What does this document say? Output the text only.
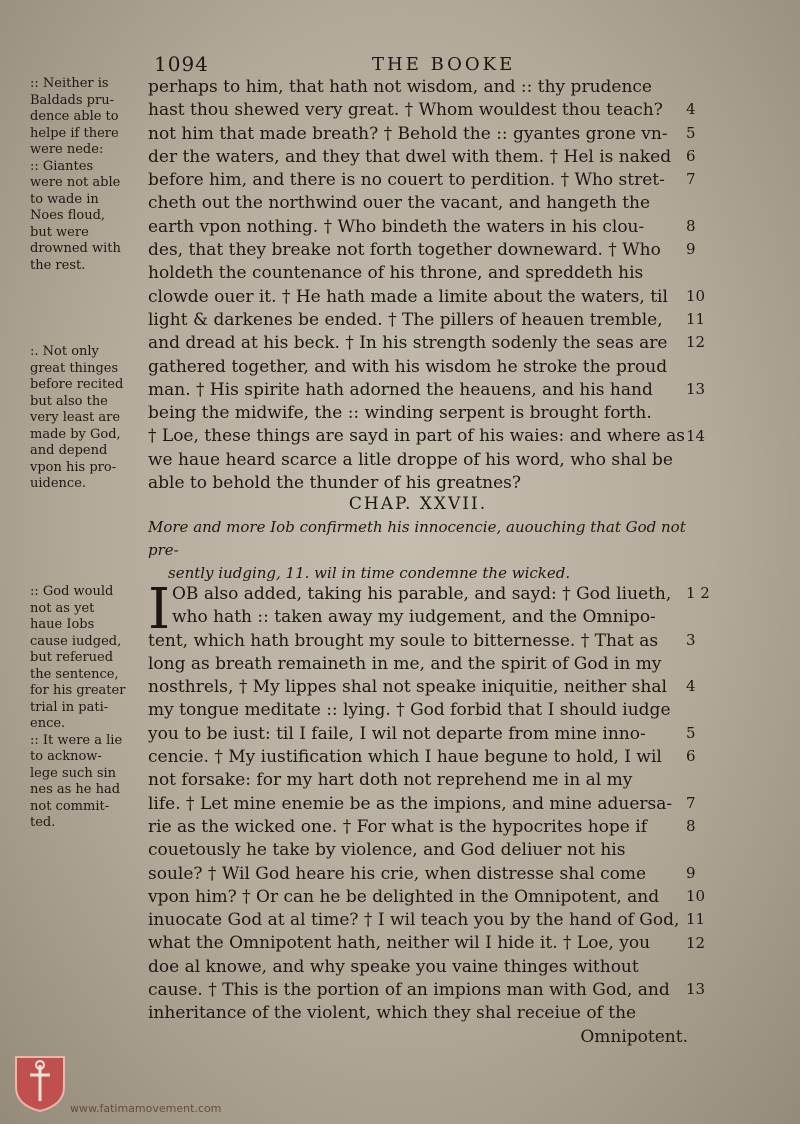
1094	THE BOOKE
:: Neither is
Baldads pru-
dence able to
helpe if there
were nede:
:: Giantes
were not able
to wade in
Noes floud,
but were
drowned with
the rest.
:. Not only
great thinges
before recited
but also the
very least are
made by God,
and depend
vpon his pro-
uidence.
:: God would
not as yet
haue Iobs
cause iudged,
but referued
the sentence,
for his greater
trial in pati-
ence.
:: It were a lie
to acknow-
lege such sin
nes as he had
not commit-
ted.
perhaps to him, that hath not wisdom, and :: thy prudence
hast thou shewed very great. † Whom wouldest thou teach?
not him that made breath? † Behold the :: gyantes grone vn-
der the waters, and they that dwel with them. † Hel is naked
before him, and there is no couert to perdition. † Who stret-
cheth out the northwind ouer the vacant, and hangeth the
earth vpon nothing. † Who bindeth the waters in his clou-
des, that they breake not forth together downeward. † Who
holdeth the countenance of his throne, and spreddeth his
clowde ouer it. † He hath made a limite about the waters, til
light & darkenes be ended. † The pillers of heauen tremble,
and dread at his beck. † In his strength sodenly the seas are
gathered together, and with his wisdom he stroke the proud
man. † His spirite hath adorned the heauens, and his hand
being the midwife, the :: winding serpent is brought forth.
† Loe, these things are sayd in part of his waies: and where as
we haue heard scarce a litle droppe of his word, who shal be
able to behold the thunder of his greatnes?
4
5
6
7
8
9
10
11
12
13
14
CHAP. XXVII.
More and more Iob confirmeth his innocencie, auouching that God not pre-
sently iudging, 11. wil in time condemne the wicked.
I OB also added, taking his parable, and sayd: † God liueth,
who hath :: taken away my iudgement, and the Omnipo-
tent, which hath brought my soule to bitternesse. † That as
long as breath remaineth in me, and the spirit of God in my
nosthrels, † My lippes shal not speake iniquitie, neither shal
my tongue meditate :: lying. † God forbid that I should iudge
you to be iust: til I faile, I wil not departe from mine inno-
cencie. † My iustification which I haue begune to hold, I wil
not forsake: for my hart doth not reprehend me in al my
life. † Let mine enemie be as the impions, and mine aduersa-
rie as the wicked one. † For what is the hypocrites hope if
couetously he take by violence, and God deliuer not his
soule? † Wil God heare his crie, when distresse shal come
vpon him? † Or can he be delighted in the Omnipotent, and
inuocate God at al time? † I wil teach you by the hand of God,
what the Omnipotent hath, neither wil I hide it. † Loe, you
doe al knowe, and why speake you vaine thinges without
cause. † This is the portion of an impions man with God, and
inheritance of the violent, which they shal receiue of the
Omnipotent.
1 2
3
4
5
6
7
8
9
10
11
12
13
www.fatimamovement.com
